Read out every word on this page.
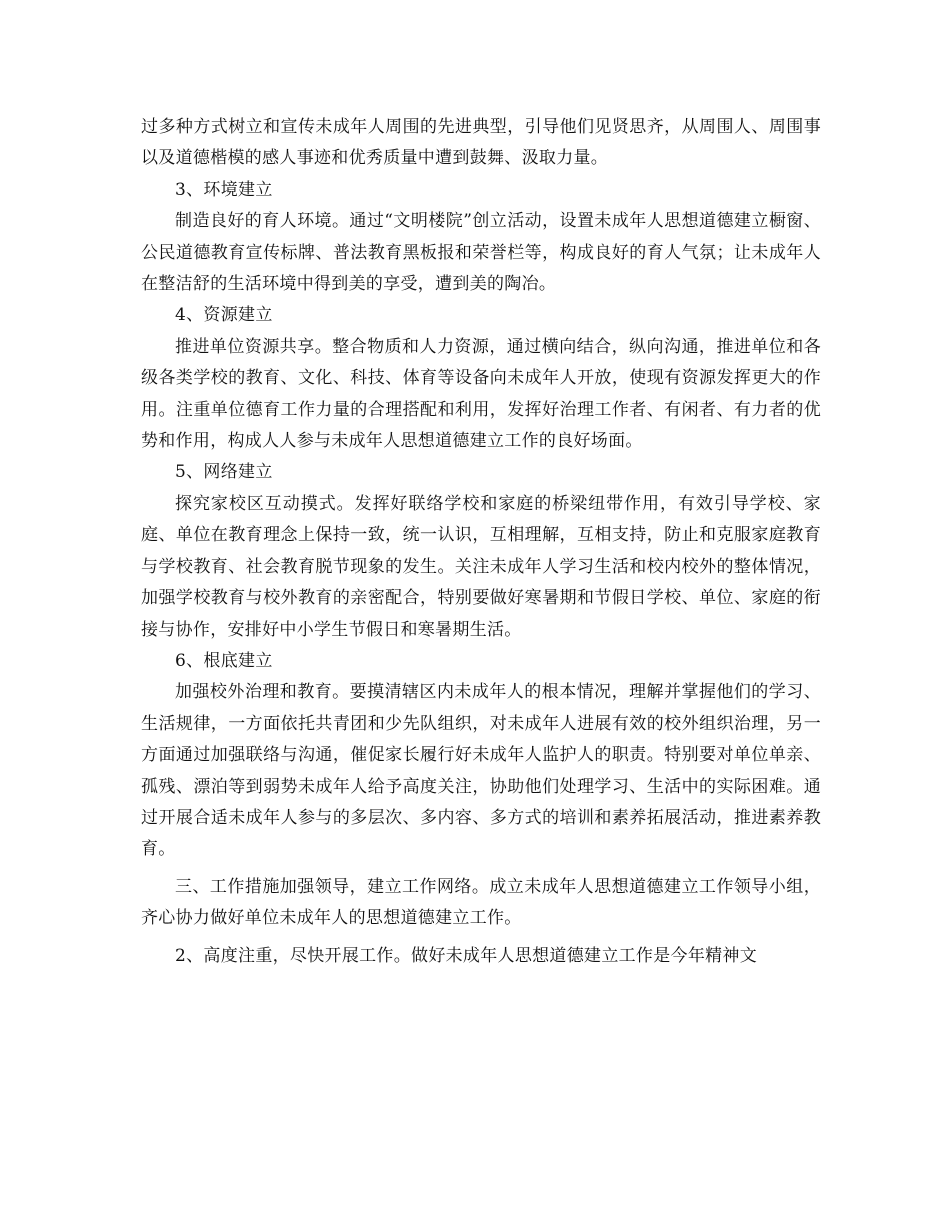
过多种方式树立和宣传未成年人周围的先进典型，引导他们见贤思齐，从周围人、周围事以及道德楷模的感人事迹和优秀质量中遭到鼓舞、汲取力量。

3、环境建立

制造良好的育人环境。通过“文明楼院”创立活动，设置未成年人思想道德建立橱窗、公民道德教育宣传标牌、普法教育黑板报和荣誉栏等，构成良好的育人气氛；让未成年人在整洁舒的生活环境中得到美的享受，遭到美的陶冶。

4、资源建立

推进单位资源共享。整合物质和人力资源，通过横向结合，纵向沟通，推进单位和各级各类学校的教育、文化、科技、体育等设备向未成年人开放，使现有资源发挥更大的作用。注重单位德育工作力量的合理搭配和利用，发挥好治理工作者、有闲者、有力者的优势和作用，构成人人参与未成年人思想道德建立工作的良好场面。

5、网络建立

探究家校区互动摸式。发挥好联络学校和家庭的桥梁纽带作用，有效引导学校、家庭、单位在教育理念上保持一致，统一认识，互相理解，互相支持，防止和克服家庭教育与学校教育、社会教育脱节现象的发生。关注未成年人学习生活和校内校外的整体情况，加强学校教育与校外教育的亲密配合，特别要做好寒暑期和节假日学校、单位、家庭的衔接与协作，安排好中小学生节假日和寒暑期生活。

6、根底建立

加强校外治理和教育。要摸清辖区内未成年人的根本情况，理解并掌握他们的学习、生活规律，一方面依托共青团和少先队组织，对未成年人进展有效的校外组织治理，另一方面通过加强联络与沟通，催促家长履行好未成年人监护人的职责。特别要对单位单亲、孤残、漂泊等到弱势未成年人给予高度关注，协助他们处理学习、生活中的实际困难。通过开展合适未成年人参与的多层次、多内容、多方式的培训和素养拓展活动，推进素养教育。

三、工作措施加强领导，建立工作网络。成立未成年人思想道德建立工作领导小组，齐心协力做好单位未成年人的思想道德建立工作。

2、高度注重，尽快开展工作。做好未成年人思想道德建立工作是今年精神文
